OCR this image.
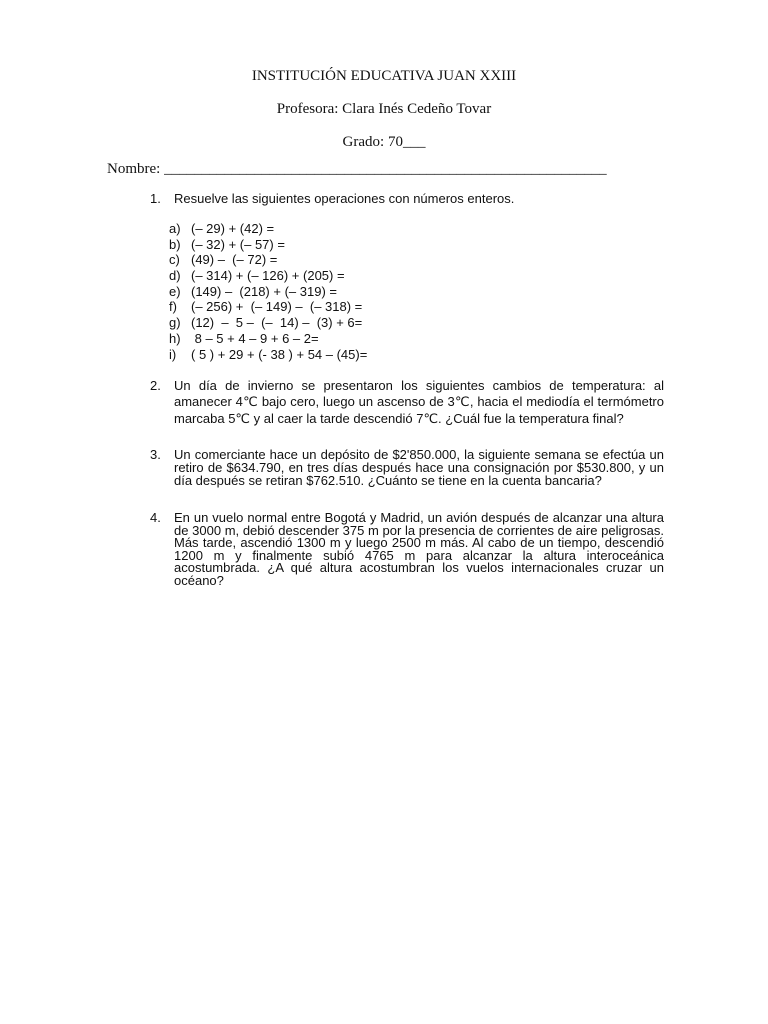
INSTITUCIÓN EDUCATIVA JUAN XXIII
Profesora: Clara Inés Cedeño Tovar
Grado: 70___
Nombre: ___________________________________________________________
1.	Resuelve las siguientes operaciones con números enteros.
a) (– 29) + (42) =
b) (– 32) + (– 57) =
c) (49) –  (– 72) =
d) (– 314) + (– 126) + (205) =
e) (149) –  (218) + (– 319) =
f) (– 256) +  (– 149) –  (– 318) =
g) (12)  –  5 –  (–  14) –  (3) + 6=
h) 8 – 5 + 4 – 9 + 6 – 2=
i) ( 5 ) + 29 + (- 38 ) + 54 – (45)=
2.	Un día de invierno se presentaron los siguientes cambios de temperatura: al amanecer 4℃ bajo cero, luego un ascenso de 3℃, hacia el mediodía el termómetro marcaba 5℃ y al caer la tarde descendió 7℃. ¿Cuál fue la temperatura final?
3.	Un comerciante hace un depósito de $2'850.000, la siguiente semana se efectúa un retiro de $634.790, en tres días después hace una consignación por $530.800, y un día después se retiran $762.510. ¿Cuánto se tiene en la cuenta bancaria?
4.	En un vuelo normal entre Bogotá y Madrid, un avión después de alcanzar una altura de 3000 m, debió descender 375 m por la presencia de corrientes de aire peligrosas. Más tarde, ascendió 1300 m y luego 2500 m más. Al cabo de un tiempo, descendió 1200 m y finalmente subió 4765 m para alcanzar la altura interoceánica acostumbrada. ¿A qué altura acostumbran los vuelos internacionales cruzar un océano?
